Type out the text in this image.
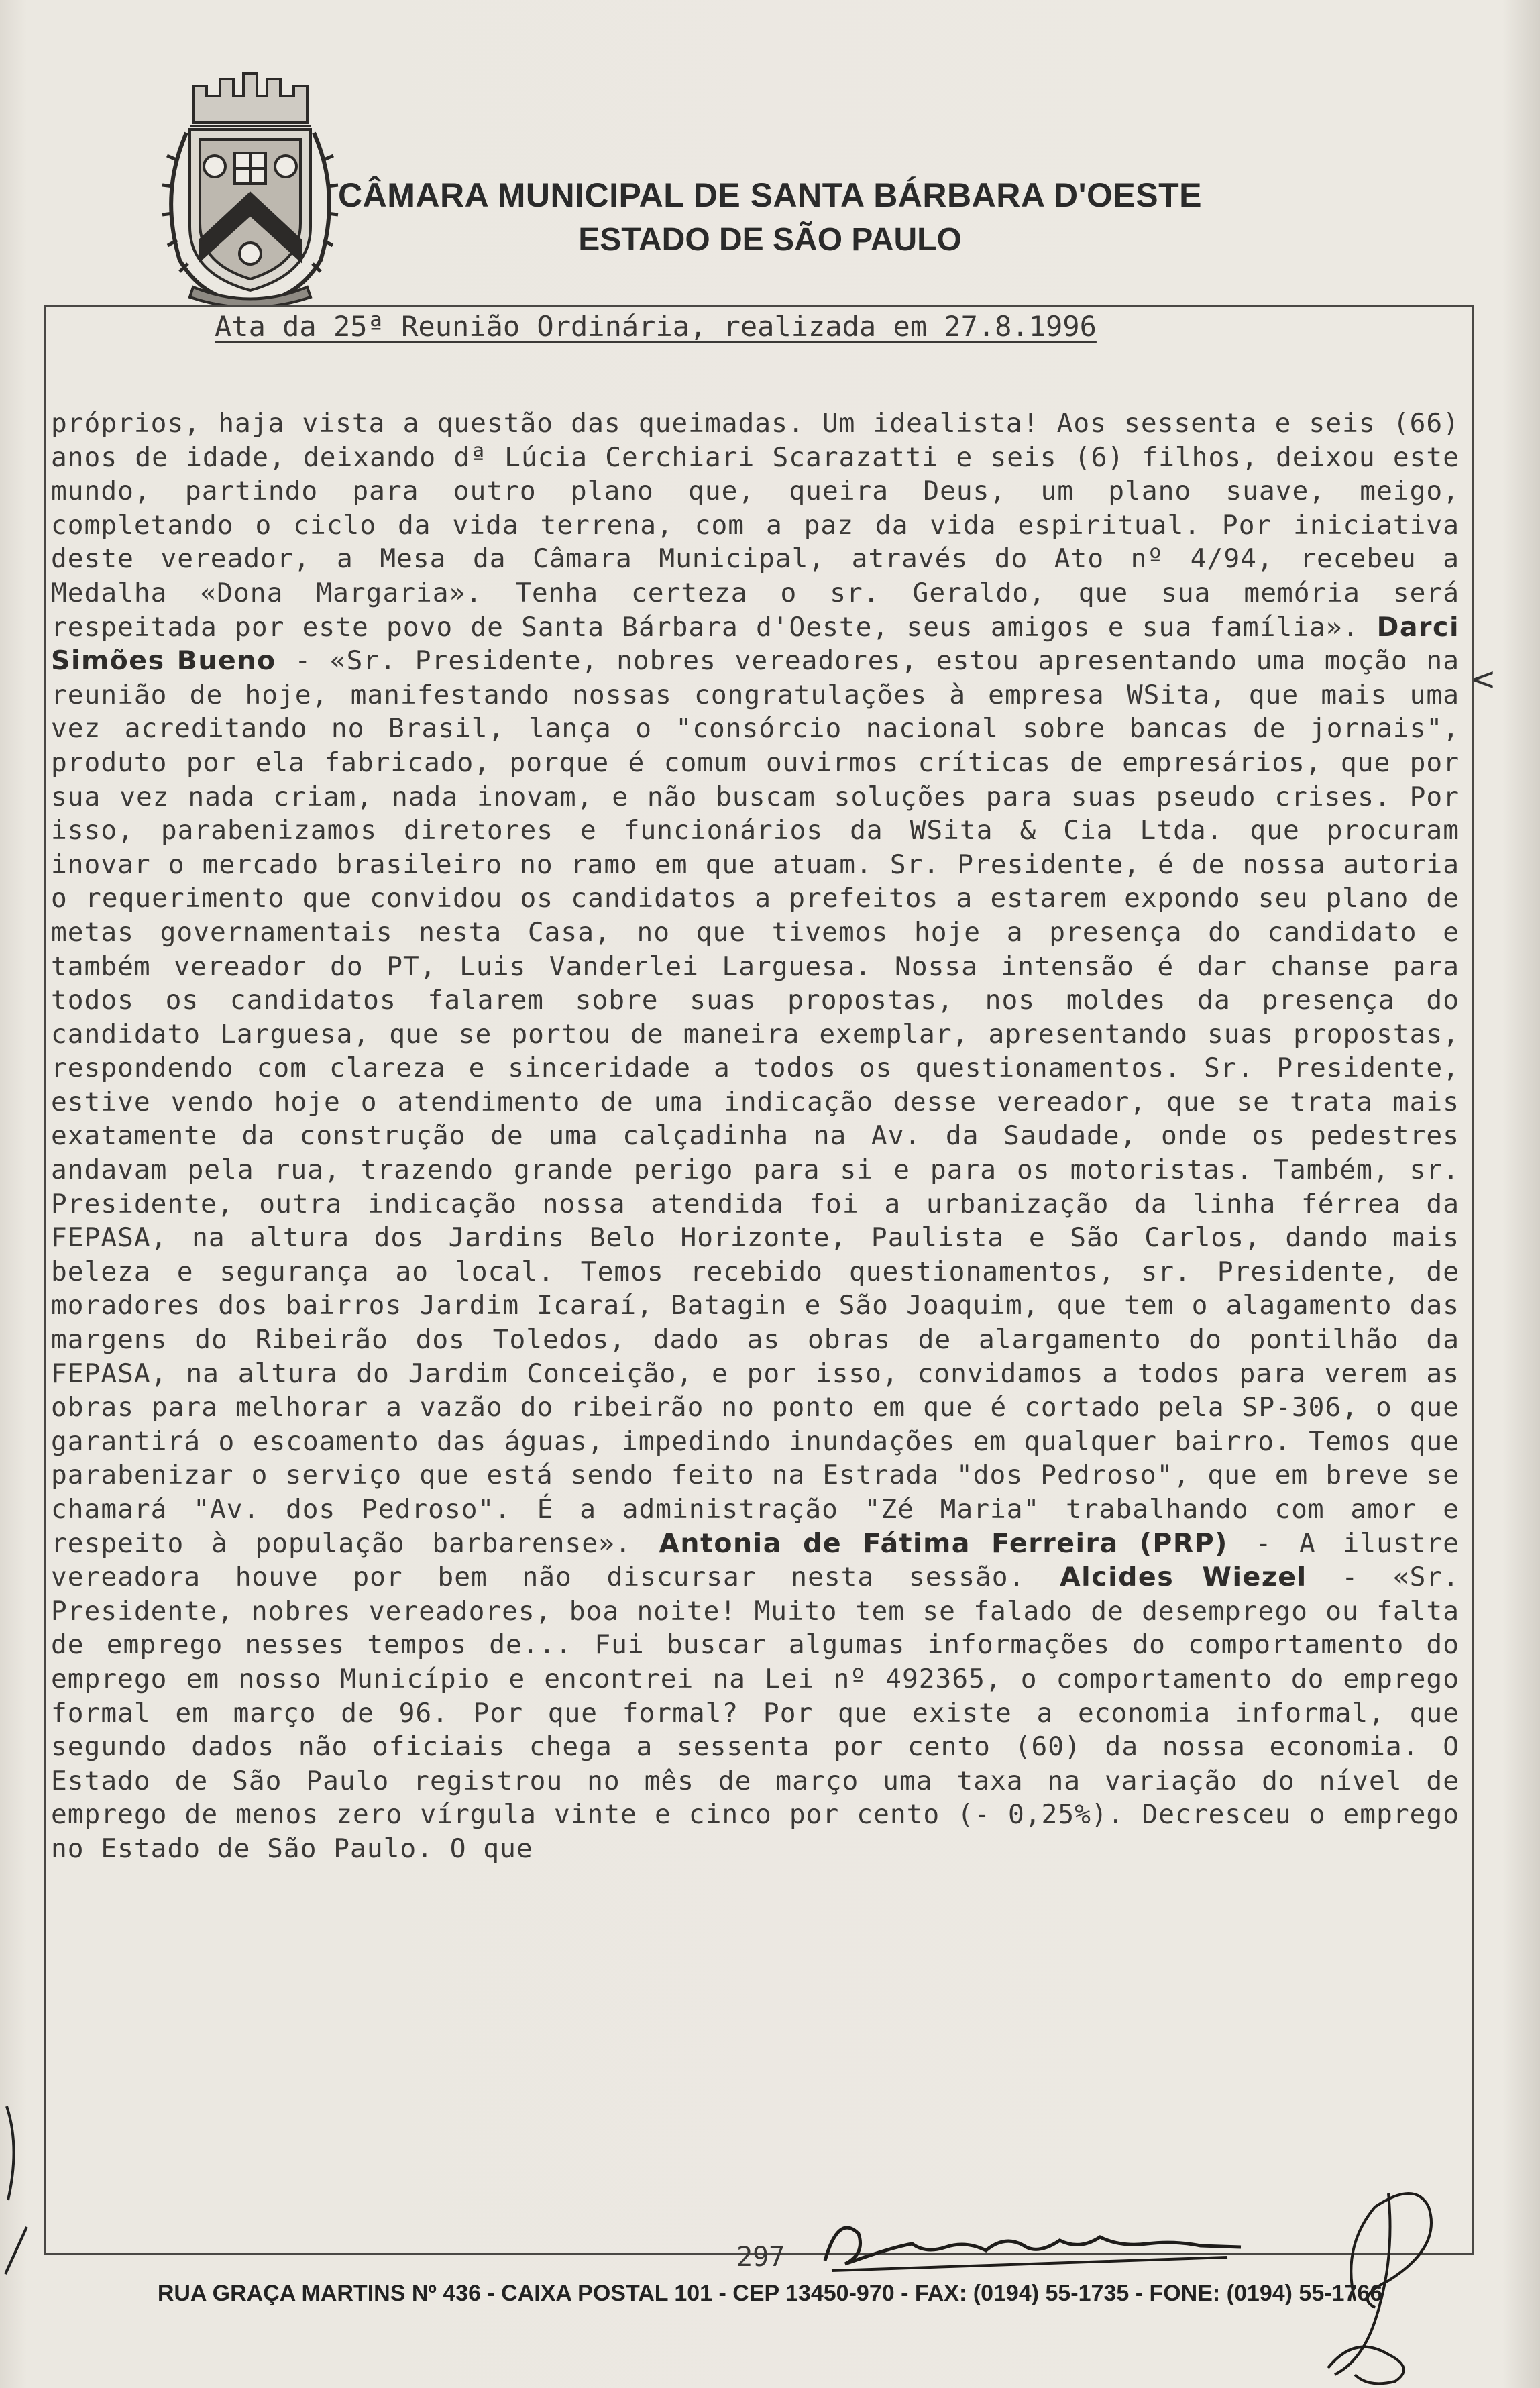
CÂMARA MUNICIPAL DE SANTA BÁRBARA D'OESTE
ESTADO DE SÃO PAULO
Ata da 25ª Reunião Ordinária, realizada em 27.8.1996
próprios, haja vista a questão das queimadas. Um idealista! Aos sessenta e seis (66) anos de idade, deixando dª Lúcia Cerchiari Scarazatti e seis (6) filhos, deixou este mundo, partindo para outro plano que, queira Deus, um plano suave, meigo, completando o ciclo da vida terrena, com a paz da vida espiritual. Por iniciativa deste vereador, a Mesa da Câmara Municipal, através do Ato nº 4/94, recebeu a Medalha «Dona Margaria». Tenha certeza o sr. Geraldo, que sua memória será respeitada por este povo de Santa Bárbara d'Oeste, seus amigos e sua família». Darci Simões Bueno - «Sr. Presidente, nobres vereadores, estou apresentando uma moção na reunião de hoje, manifestando nossas congratulações à empresa WSita, que mais uma vez acreditando no Brasil, lança o "consórcio nacional sobre bancas de jornais", produto por ela fabricado, porque é comum ouvirmos críticas de empresários, que por sua vez nada criam, nada inovam, e não buscam soluções para suas pseudo crises. Por isso, parabenizamos diretores e funcionários da WSita & Cia Ltda. que procuram inovar o mercado brasileiro no ramo em que atuam. Sr. Presidente, é de nossa autoria o requerimento que convidou os candidatos a prefeitos a estarem expondo seu plano de metas governamentais nesta Casa, no que tivemos hoje a presença do candidato e também vereador do PT, Luis Vanderlei Larguesa. Nossa intensão é dar chanse para todos os candidatos falarem sobre suas propostas, nos moldes da presença do candidato Larguesa, que se portou de maneira exemplar, apresentando suas propostas, respondendo com clareza e sinceridade a todos os questionamentos. Sr. Presidente, estive vendo hoje o atendimento de uma indicação desse vereador, que se trata mais exatamente da construção de uma calçadinha na Av. da Saudade, onde os pedestres andavam pela rua, trazendo grande perigo para si e para os motoristas. Também, sr. Presidente, outra indicação nossa atendida foi a urbanização da linha férrea da FEPASA, na altura dos Jardins Belo Horizonte, Paulista e São Carlos, dando mais beleza e segurança ao local. Temos recebido questionamentos, sr. Presidente, de moradores dos bairros Jardim Icaraí, Batagin e São Joaquim, que tem o alagamento das margens do Ribeirão dos Toledos, dado as obras de alargamento do pontilhão da FEPASA, na altura do Jardim Conceição, e por isso, convidamos a todos para verem as obras para melhorar a vazão do ribeirão no ponto em que é cortado pela SP-306, o que garantirá o escoamento das águas, impedindo inundações em qualquer bairro. Temos que parabenizar o serviço que está sendo feito na Estrada "dos Pedroso", que em breve se chamará "Av. dos Pedroso". É a administração "Zé Maria" trabalhando com amor e respeito à população barbarense». Antonia de Fátima Ferreira (PRP) - A ilustre vereadora houve por bem não discursar nesta sessão. Alcides Wiezel - «Sr. Presidente, nobres vereadores, boa noite! Muito tem se falado de desemprego ou falta de emprego nesses tempos de... Fui buscar algumas informações do comportamento do emprego em nosso Município e encontrei na Lei nº 492365, o comportamento do emprego formal em março de 96. Por que formal? Por que existe a economia informal, que segundo dados não oficiais chega a sessenta por cento (60) da nossa economia. O Estado de São Paulo registrou no mês de março uma taxa na variação do nível de emprego de menos zero vírgula vinte e cinco por cento (- 0,25%). Decresceu o emprego no Estado de São Paulo. O que
<
297
RUA GRAÇA MARTINS Nº 436 - CAIXA POSTAL 101 - CEP 13450-970 - FAX: (0194) 55-1735 - FONE: (0194) 55-1766
